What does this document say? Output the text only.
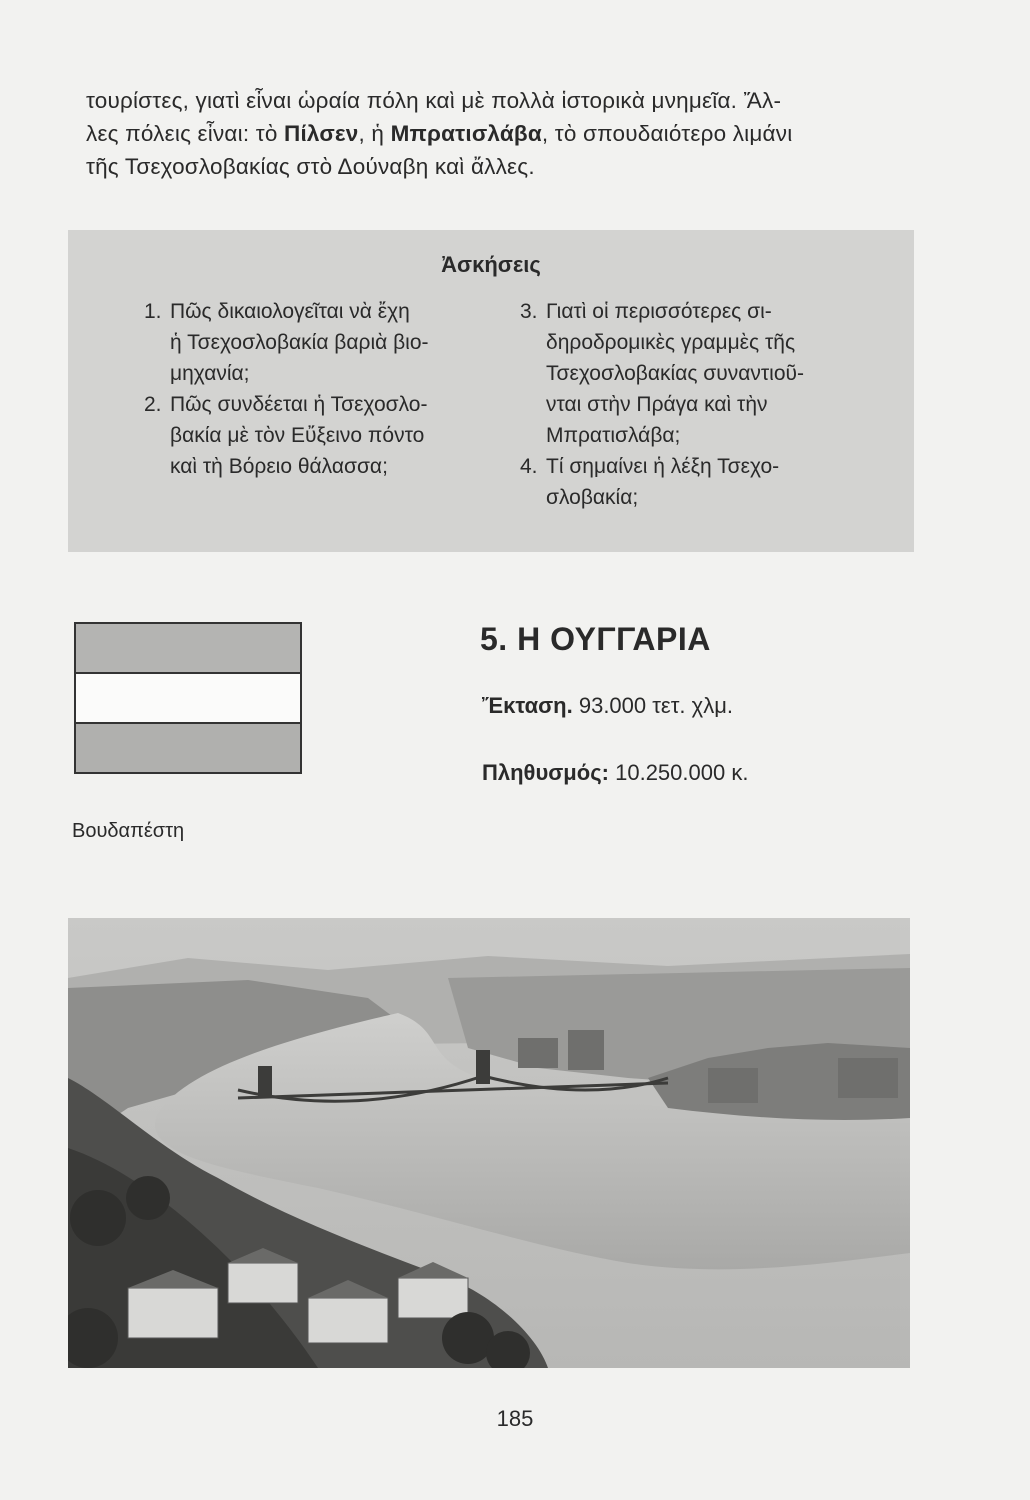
τουρίστες, γιατὶ εἶναι ὡραία πόλη καὶ μὲ πολλὰ ἱστορικὰ μνημεῖα. Ἄλ-
λες πόλεις εἶναι: τὸ Πίλσεν, ἡ Μπρατισλάβα, τὸ σπουδαιότερο λιμάνι
τῆς Τσεχοσλοβακίας στὸ Δούναβη καὶ ἄλλες.
Ἀσκήσεις
1. Πῶς δικαιολογεῖται νὰ ἔχη
ἡ Τσεχοσλοβακία βαριὰ βιο-
μηχανία;
2. Πῶς συνδέεται ἡ Τσεχοσλο-
βακία μὲ τὸν Εὔξεινο πόντο
καὶ τὴ Βόρειο θάλασσα;
3. Γιατὶ οἱ περισσότερες σι-
δηροδρομικὲς γραμμὲς τῆς
Τσεχοσλοβακίας συναντιοῦ-
νται στὴν Πράγα καὶ τὴν
Μπρατισλάβα;
4. Τί σημαίνει ἡ λέξη Τσεχο-
σλοβακία;
5. Η ΟΥΓΓΑΡΙΑ
Ἔκταση. 93.000 τετ. χλμ.
Πληθυσμός: 10.250.000 κ.
Βουδαπέστη
185
